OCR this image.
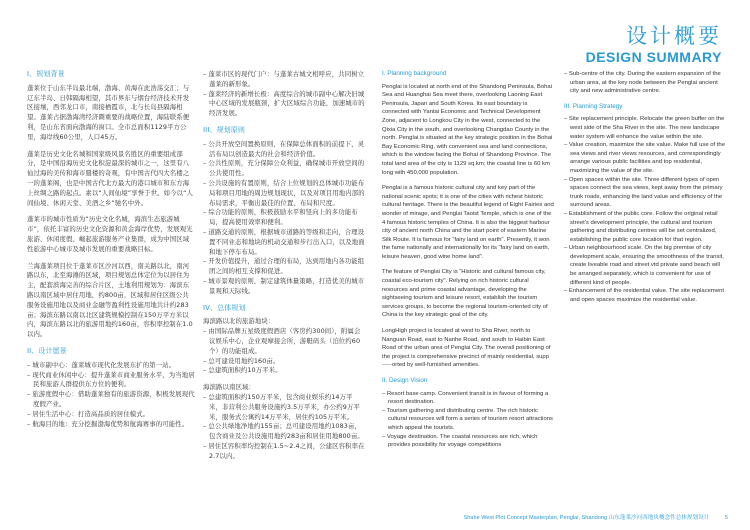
设计概要
DESIGN SUMMARY
I、规划背景

蓬莱位于山东半岛最北端，渤海、黄海在此浩荡交汇；与辽东半岛、日韩隔海相望，其市界东与烟台经济技术开发区接壤，西邻龙口市，南接栖霞市，北与长岛县隔海相望。蓬莱占据渤海湾经济圈重要的战略位置，海陆联系便利，是山东省面向渤海的窗口。全市总面积1129平方公里，海岸线60公里，人口45万。

蓬莱是历史文化名城和国家级风景名胜区的重要组成部分，是中国沿海历史文化积淀最深的城市之一，这里有八仙过海的美传和海市蜃楼的奇观，有中国古代四大名楼之一的蓬莱阁，也是中国古代北方最大的港口城市和东方海上丝绸之路的起点。素以“人间仙境”享誉于世。如今以“人间仙境、休闲天堂、美酒之乡”驰名中外。

蓬莱市的城市性质为“历史文化名城，海滨生态旅游城市”，依托丰富的历史文化资源和黄金海岸优势，发展观光旅游、休闲度假、崛起旅游服务产业集群，成为中国区域性旅游中心城市及城市发展的重要战略目标。

兰海蓬莱项目位于蓬莱市区沙河以西，南关路以北，南河路以东，北至海滩的区域，项目规划总体定位为以居住为主，配套滨海完善的综合片区，土地利用规划为：海滨东路以南区域中居住用地，约800亩，区域和居住区级公共服务设施用地以及商业金融等盈利性设施用地共计约283亩；海滨东路以南以北区建筑规模控制在150万平方米以内，海滨东路以北的旅游用地约160亩，容积率控制在1.0以内。

II、设计愿景
– 城市副中心：蓬莱城市现代化发展东扩的第一站。
– 现代商业休闲中心：提升蓬莱市商业服务水平，为当地居民和旅游人群提供东方位的便利。
– 旅游度假中心：借助蓬莱独有的旅游资源，积极发展现代度假产业。
– 居住生活中心：打造高品质的居住模式。
– 航海目的地：充分挖掘渤海优势和航海赛事的可能性。
– 蓬莱市区的现代门户：与蓬莱古城文相呼应，共同树立蓬莱的新形象。
– 蓬莱经济的新增长极：高度综合的城市副中心解决旧城中心区域的发展瓶颈，扩大区域综合功能，加速城市的经济发展。
III、规划原则
– 公共开放空间置换原则，在保障总体面积的前提下，灵活布局以创造最大的社会和经济价值。
– 公共性原则，充分保障公众利益，确保城市开放空间的公共使用性。
– 公共设施的有置原则，结合上位规划的总体城市功能布局和项目用地的周边规划现状，以及对项目用地内部的布局需求，平衡出最佳的位置、布局和尺度。
– 综合功能的原则，积极鼓励水平和竖向上的多功能布局，提高使用效率和便利。
– 道路交通的原则，根据城市道路的等级和走向，合理设置不同业态和地块的机动交通和步行出入口，以及地面和地下停车布局。
– 开发价值提升，通过合理的布局，达到用地内各功能组团之间的相互支撑和促进。
– 城市景观的原则，制定建筑体量策略，打造优美的城市景观和天际线。
IV、总体规划
海滨路以北的旅游地块：
– 由国际品牌五星级度假酒店（客房约300间），附属会议娱乐中心，企业观摩接会所，游艇码头（泊位约60个）的功能组成。
– 总可建设用地约160亩。
– 总建筑面积约10万平米。
海滨路以南区域：
– 总建筑面积约150万平米，包含商业娱乐约14万平米，非营利公共服务设施约3.5万平米，办公约9万平米，服务式公寓约14万平米，居住约105万平米。
– 总公共绿地净地约155亩；总可建设用地约1083亩，包含商业及公共设施用地约283亩和居住用地800亩。
– 居住区容积率均控制在1.5~2.4之间，公建区容积率在2.7以内。
I. Planning background

Penglai is located at north end of the Shandong Peninsula, Bohai Sea and Huanghai Sea meet there, overlooking Laoning East Peninsula, Japan and South Korea. Its east boundary is connected with Yantai Economic and Technical Development Zone, adjacent to Longkou City in the west, connected to the Qixia City in the south, and overlooking Changdao County in the north. Penglai is situated at the key strategic position in the Bohai Bay Economic Ring, with convenient sea and land connections, which is the window facing the Bohai of Shandong Province. The total land area of the city is 1129 sq.km; the coastal line is 60 km long with 450,000 population.

Penglai is a famous historic cultural city and key part of the national scenic spots; it is one of the cities with richest historic cultural heritage. There is the beautiful legend of Eight Fairies and wonder of mirage, and Penglai Taoist Temple, which is one of the 4 famous historic temples of China. It is also the biggest harbour city of ancient north China and the start point of eastern Marine Silk Route. It is famous for “fairy land on earth”. Presently, it won the fame nationally and internationally for its “fairy land on earth, leisure heaven, good wine home land”.

The feature of Penglai City is “Historic and cultural famous city, coastal eco-tourism city”. Relying on rich historic cultural resources and prime coastal advantage, developing the sightseeing tourism and leisure resort, establish the tourism services groups, to become the regional tourism-oriented city of China is the key strategic goal of the city.

LongHigh project is located at west to Sha River, north to Nanguan Road, east to Nanhe Road, and south to Haibin East Road of the urban area of Penglai City. The overall positioning of the project is comprehensive precinct of mainly residential, supp⸺orted by well-furnished amenities.

II. Design Vision
– Resort base camp. Convenient transit is in favour of forming a resort destination.
– Tourism gathering and distributing centre. The rich historic cultural resources will form a series of tourism resort attractions which appeal the tourists.
– Voyage destination. The coastal resources are rich, which provides possibility for voyage competitions
– Sub-centre of the city. During the eastern expansion of the urban area, at the key node between the Penglai ancient city and new administrative centre.
III. Planning Strategy
– Site replacement principle. Relocate the green buffer on the west side of the Sha River in the site. The new landscape water system will enhance the value within the site.
– Value creation, maximize the site value. Make full use of the sea views and river views resources, and correspondingly arrange various public facilities and top residential, maximizing the value of the site.
– Open spaces within the site. Three different types of open spaces connect the sea views, kept away from the primary trunk roads, enhancing the land value and efficiency of the surround areas.
– Establishment of the public core. Follow the original retail street's development principle, the cultural and tourism gathering and distributing centres will be set centralized, establishing the public core location for that region.
– Urban neighbourhood scale. On the big premise of city development scale, ensuring the smoothness of the transit, create liveable road and street vtd private sand beach will be arranged separately, which is convenient for use of different kind of people.
– Enhancement of the residential value. The site replacement and open spaces maximize the residential value.
Shahe West Plot Concept Masterplan, Penglai, Shandong 山东蓬莱沙河西地块概念性总体规划设计	5
